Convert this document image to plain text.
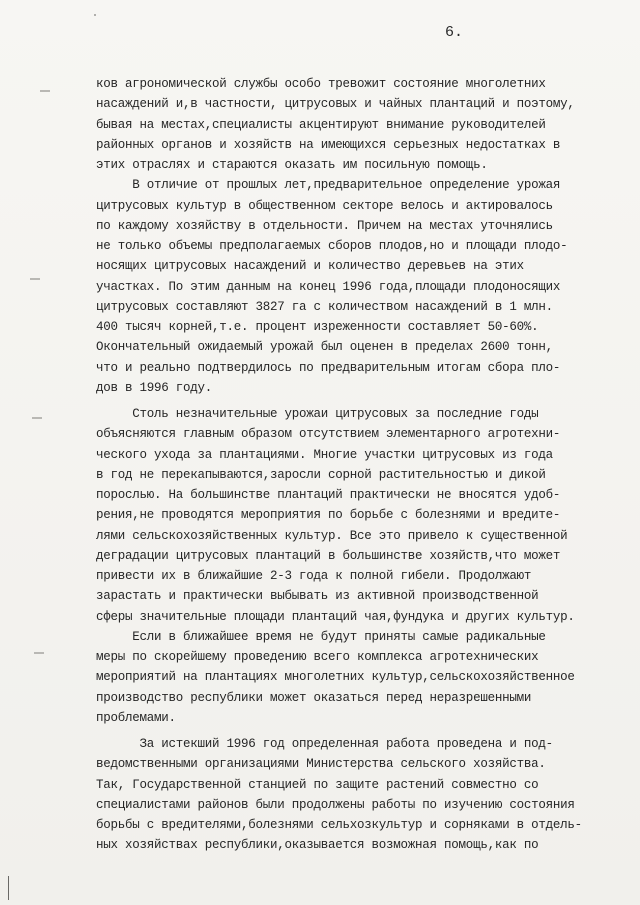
6.
ков агрономической службы особо тревожит состояние многолетних
насаждений и,в частности, цитрусовых и чайных плантаций и поэтому,
бывая на местах,специалисты акцентируют внимание руководителей
районных органов и хозяйств на имеющихся серьезных недостатках в
этих отраслях и стараются оказать им посильную помощь.
В отличие от прошлых лет,предварительное определение урожая
цитрусовых культур в общественном секторе велось и актировалось
по каждому хозяйству в отдельности. Причем на местах уточнялись
не только объемы предполагаемых сборов плодов,но и площади плодо-
носящих цитрусовых насаждений и количество деревьев на этих
участках. По этим данным на конец 1996 года,площади плодоносящих
цитрусовых составляют 3827 га с количеством насаждений в 1 млн.
400 тысяч корней,т.е. процент изреженности составляет 50-60%.
Окончательный ожидаемый урожай был оценен в пределах 2600 тонн,
что и реально подтвердилось по предварительным итогам сбора пло-
дов в 1996 году.
Столь незначительные урожаи цитрусовых за последние годы
объясняются главным образом отсутствием элементарного агротехни-
ческого ухода за плантациями. Многие участки цитрусовых из года
в год не перекапываются,заросли сорной растительностью и дикой
порослью. На большинстве плантаций практически не вносятся удоб-
рения,не проводятся мероприятия по борьбе с болезнями и вредите-
лями сельскохозяйственных культур. Все это привело к существенной
деградации цитрусовых плантаций в большинстве хозяйств,что может
привести их в ближайшие 2-3 года к полной гибели. Продолжают
зарастать и практически выбывать из активной производственной
сферы значительные площади плантаций чая,фундука и других культур.
Если в ближайшее время не будут приняты самые радикальные
меры по скорейшему проведению всего комплекса агротехнических
мероприятий на плантациях многолетних культур,сельскохозяйственное
производство республики может оказаться перед неразрешенными
проблемами.
За истекший 1996 год определенная работа проведена и под-
ведомственными организациями Министерства сельского хозяйства.
Так, Государственной станцией по защите растений совместно со
специалистами районов были продолжены работы по изучению состояния
борьбы с вредителями,болезнями сельхозкультур и сорняками в отдель-
ных хозяйствах республики,оказывается возможная помощь,как по
